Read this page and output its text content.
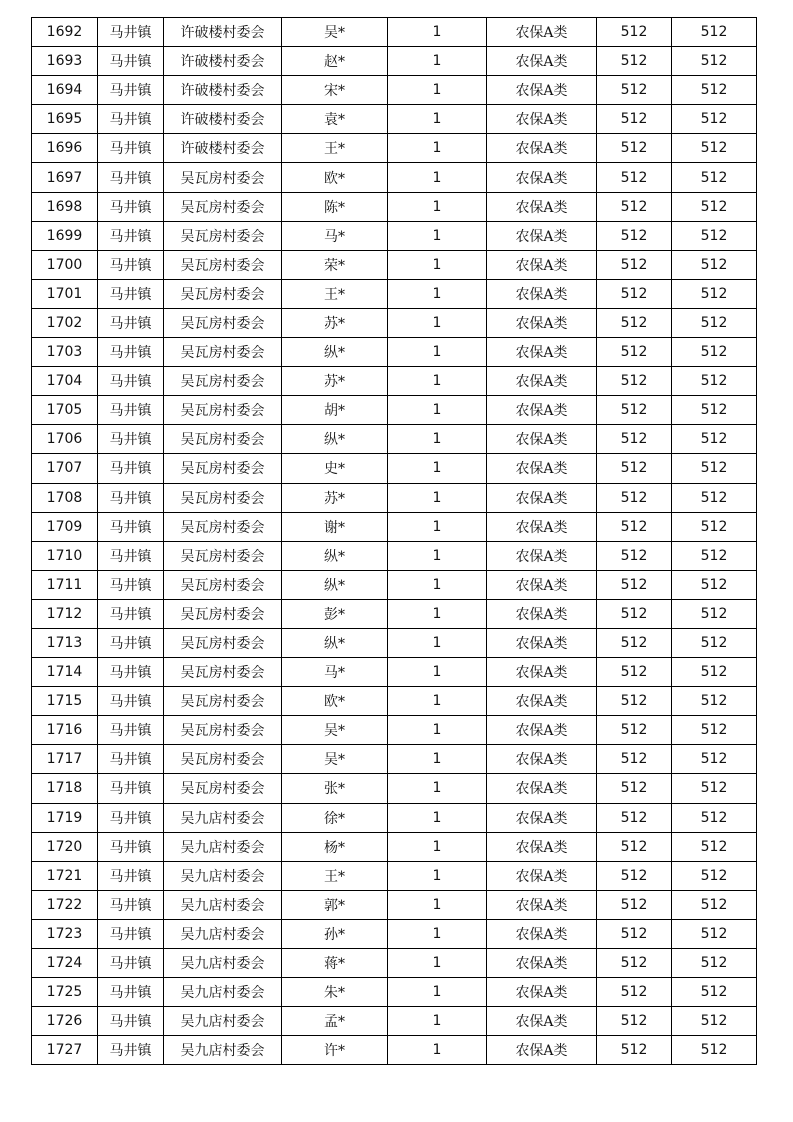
1692	马井镇	许破楼村委会	吴*	1	农保A类	512	512
1693	马井镇	许破楼村委会	赵*	1	农保A类	512	512
1694	马井镇	许破楼村委会	宋*	1	农保A类	512	512
1695	马井镇	许破楼村委会	袁*	1	农保A类	512	512
1696	马井镇	许破楼村委会	王*	1	农保A类	512	512
1697	马井镇	吴瓦房村委会	欧*	1	农保A类	512	512
1698	马井镇	吴瓦房村委会	陈*	1	农保A类	512	512
1699	马井镇	吴瓦房村委会	马*	1	农保A类	512	512
1700	马井镇	吴瓦房村委会	荣*	1	农保A类	512	512
1701	马井镇	吴瓦房村委会	王*	1	农保A类	512	512
1702	马井镇	吴瓦房村委会	苏*	1	农保A类	512	512
1703	马井镇	吴瓦房村委会	纵*	1	农保A类	512	512
1704	马井镇	吴瓦房村委会	苏*	1	农保A类	512	512
1705	马井镇	吴瓦房村委会	胡*	1	农保A类	512	512
1706	马井镇	吴瓦房村委会	纵*	1	农保A类	512	512
1707	马井镇	吴瓦房村委会	史*	1	农保A类	512	512
1708	马井镇	吴瓦房村委会	苏*	1	农保A类	512	512
1709	马井镇	吴瓦房村委会	谢*	1	农保A类	512	512
1710	马井镇	吴瓦房村委会	纵*	1	农保A类	512	512
1711	马井镇	吴瓦房村委会	纵*	1	农保A类	512	512
1712	马井镇	吴瓦房村委会	彭*	1	农保A类	512	512
1713	马井镇	吴瓦房村委会	纵*	1	农保A类	512	512
1714	马井镇	吴瓦房村委会	马*	1	农保A类	512	512
1715	马井镇	吴瓦房村委会	欧*	1	农保A类	512	512
1716	马井镇	吴瓦房村委会	吴*	1	农保A类	512	512
1717	马井镇	吴瓦房村委会	吴*	1	农保A类	512	512
1718	马井镇	吴瓦房村委会	张*	1	农保A类	512	512
1719	马井镇	吴九店村委会	徐*	1	农保A类	512	512
1720	马井镇	吴九店村委会	杨*	1	农保A类	512	512
1721	马井镇	吴九店村委会	王*	1	农保A类	512	512
1722	马井镇	吴九店村委会	郭*	1	农保A类	512	512
1723	马井镇	吴九店村委会	孙*	1	农保A类	512	512
1724	马井镇	吴九店村委会	蒋*	1	农保A类	512	512
1725	马井镇	吴九店村委会	朱*	1	农保A类	512	512
1726	马井镇	吴九店村委会	孟*	1	农保A类	512	512
1727	马井镇	吴九店村委会	许*	1	农保A类	512	512
